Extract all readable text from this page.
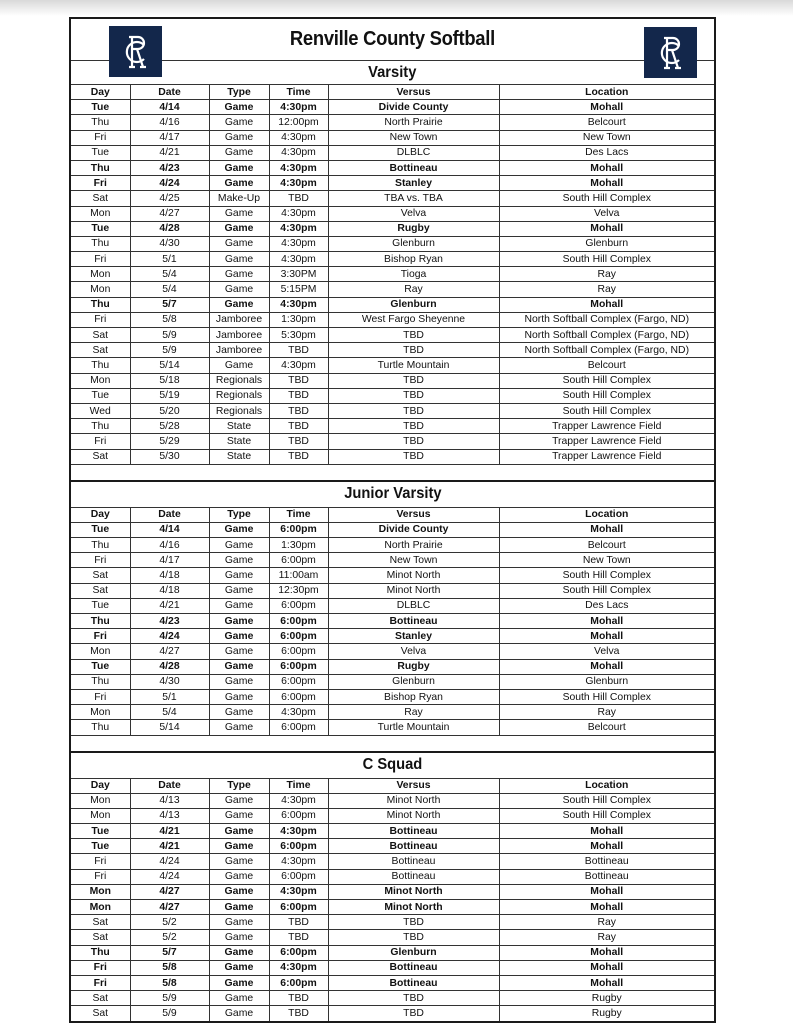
Renville County Softball
Varsity
Day	Date	Type	Time	Versus	Location
Tue	4/14	Game	4:30pm	Divide County	Mohall
Thu	4/16	Game	12:00pm	North Prairie	Belcourt
Fri	4/17	Game	4:30pm	New Town	New Town
Tue	4/21	Game	4:30pm	DLBLC	Des Lacs
Thu	4/23	Game	4:30pm	Bottineau	Mohall
Fri	4/24	Game	4:30pm	Stanley	Mohall
Sat	4/25	Make-Up	TBD	TBA vs. TBA	South Hill Complex
Mon	4/27	Game	4:30pm	Velva	Velva
Tue	4/28	Game	4:30pm	Rugby	Mohall
Thu	4/30	Game	4:30pm	Glenburn	Glenburn
Fri	5/1	Game	4:30pm	Bishop Ryan	South Hill Complex
Mon	5/4	Game	3:30PM	Tioga	Ray
Mon	5/4	Game	5:15PM	Ray	Ray
Thu	5/7	Game	4:30pm	Glenburn	Mohall
Fri	5/8	Jamboree	1:30pm	West Fargo Sheyenne	North Softball Complex (Fargo, ND)
Sat	5/9	Jamboree	5:30pm	TBD	North Softball Complex (Fargo, ND)
Sat	5/9	Jamboree	TBD	TBD	North Softball Complex (Fargo, ND)
Thu	5/14	Game	4:30pm	Turtle Mountain	Belcourt
Mon	5/18	Regionals	TBD	TBD	South Hill Complex
Tue	5/19	Regionals	TBD	TBD	South Hill Complex
Wed	5/20	Regionals	TBD	TBD	South Hill Complex
Thu	5/28	State	TBD	TBD	Trapper Lawrence Field
Fri	5/29	State	TBD	TBD	Trapper Lawrence Field
Sat	5/30	State	TBD	TBD	Trapper Lawrence Field
Junior Varsity
Day	Date	Type	Time	Versus	Location
Tue	4/14	Game	6:00pm	Divide County	Mohall
Thu	4/16	Game	1:30pm	North Prairie	Belcourt
Fri	4/17	Game	6:00pm	New Town	New Town
Sat	4/18	Game	11:00am	Minot North	South Hill Complex
Sat	4/18	Game	12:30pm	Minot North	South Hill Complex
Tue	4/21	Game	6:00pm	DLBLC	Des Lacs
Thu	4/23	Game	6:00pm	Bottineau	Mohall
Fri	4/24	Game	6:00pm	Stanley	Mohall
Mon	4/27	Game	6:00pm	Velva	Velva
Tue	4/28	Game	6:00pm	Rugby	Mohall
Thu	4/30	Game	6:00pm	Glenburn	Glenburn
Fri	5/1	Game	6:00pm	Bishop Ryan	South Hill Complex
Mon	5/4	Game	4:30pm	Ray	Ray
Thu	5/14	Game	6:00pm	Turtle Mountain	Belcourt
C Squad
Day	Date	Type	Time	Versus	Location
Mon	4/13	Game	4:30pm	Minot North	South Hill Complex
Mon	4/13	Game	6:00pm	Minot North	South Hill Complex
Tue	4/21	Game	4:30pm	Bottineau	Mohall
Tue	4/21	Game	6:00pm	Bottineau	Mohall
Fri	4/24	Game	4:30pm	Bottineau	Bottineau
Fri	4/24	Game	6:00pm	Bottineau	Bottineau
Mon	4/27	Game	4:30pm	Minot North	Mohall
Mon	4/27	Game	6:00pm	Minot North	Mohall
Sat	5/2	Game	TBD	TBD	Ray
Sat	5/2	Game	TBD	TBD	Ray
Thu	5/7	Game	6:00pm	Glenburn	Mohall
Fri	5/8	Game	4:30pm	Bottineau	Mohall
Fri	5/8	Game	6:00pm	Bottineau	Mohall
Sat	5/9	Game	TBD	TBD	Rugby
Sat	5/9	Game	TBD	TBD	Rugby
